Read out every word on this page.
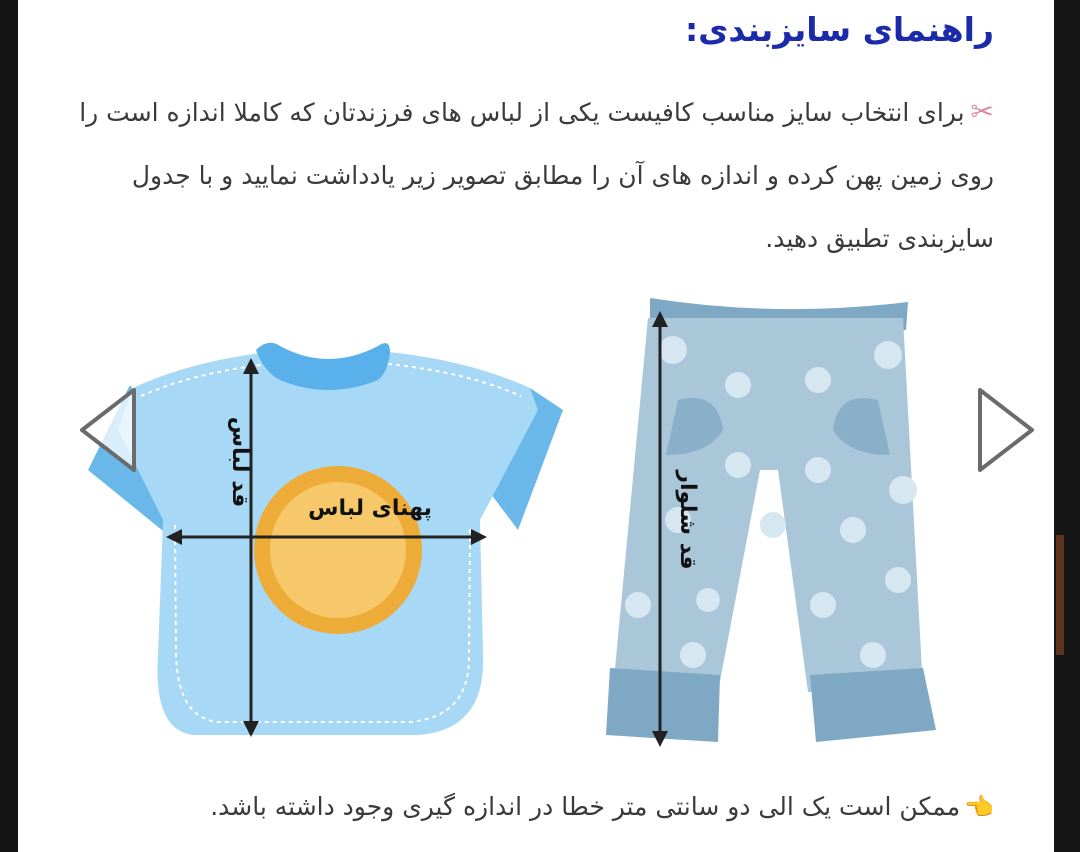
راهنمای سایزبندی:
✂برای انتخاب سایز مناسب کافیست یکی از لباس های فرزندتان که کاملا اندازه است را روی زمین پهن کرده و اندازه های آن را مطابق تصویر زیر یادداشت نمایید و با جدول سایزبندی تطبیق دهید.
قد لباس
پهنای لباس	قد شلوار
👈ممکن است یک الی دو سانتی متر خطا در اندازه گیری وجود داشته باشد.
